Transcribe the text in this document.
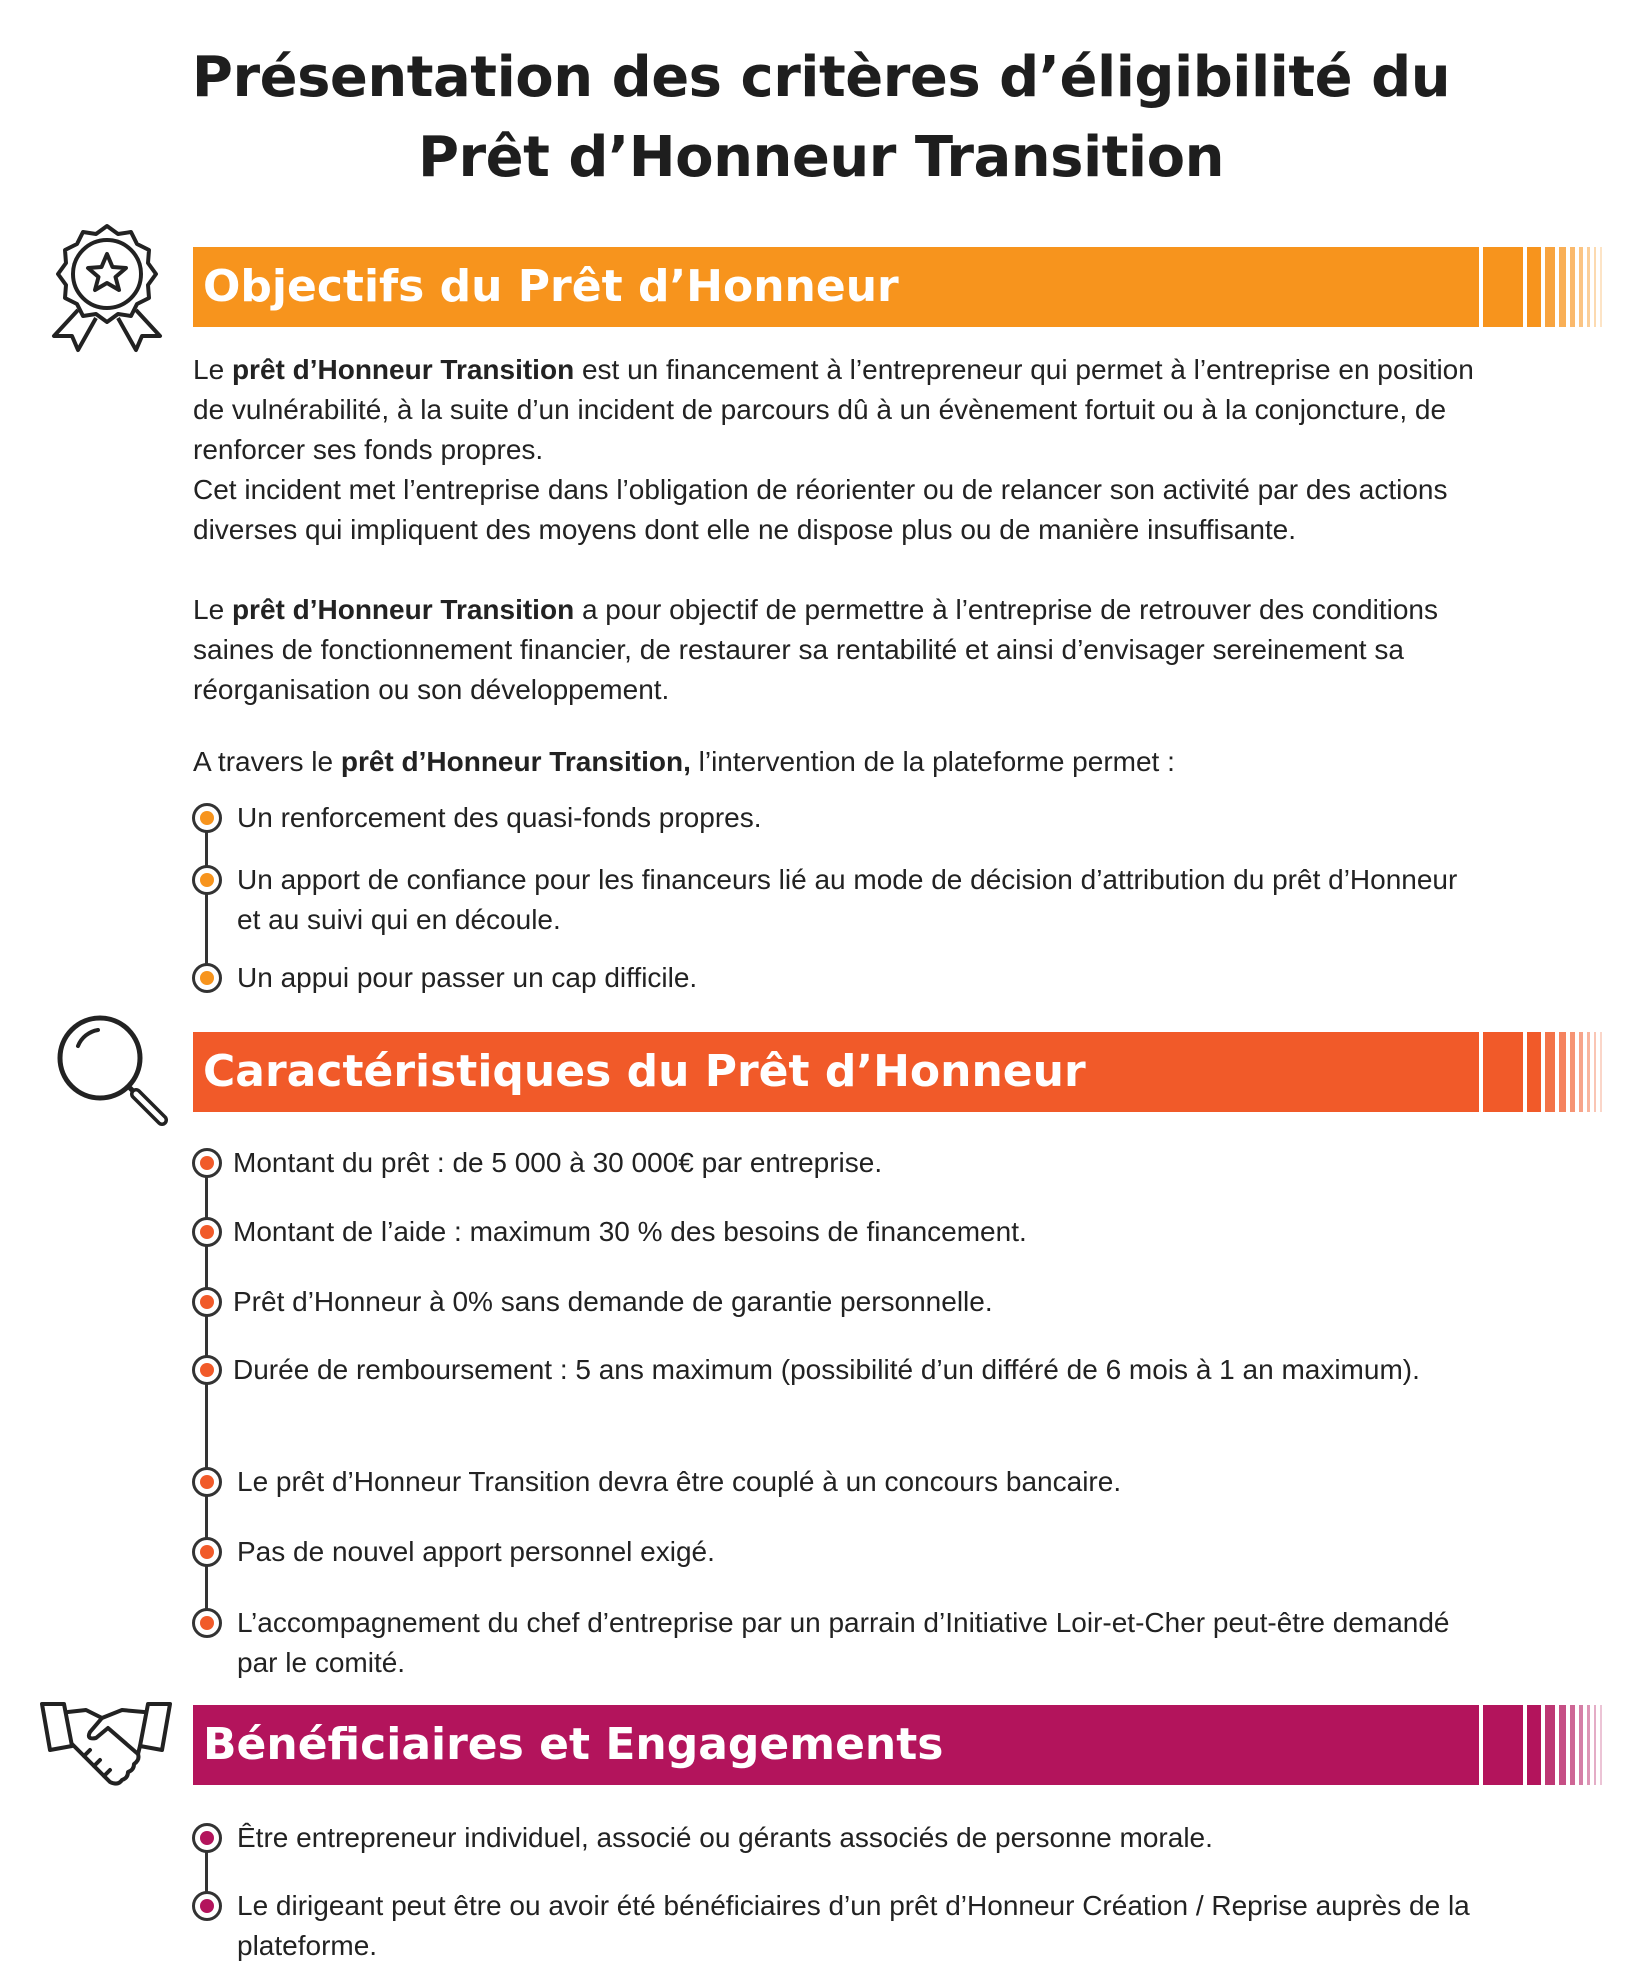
Présentation des critères d’éligibilité du
Prêt d’Honneur Transition
Objectifs du Prêt d’Honneur

Le prêt d’Honneur Transition est un financement à l’entrepreneur qui permet à l’entreprise en position de vulnérabilité, à la suite d’un incident de parcours dû à un évènement fortuit ou à la conjoncture, de renforcer ses fonds propres.

Cet incident met l’entreprise dans l’obligation de réorienter ou de relancer son activité par des actions diverses qui impliquent des moyens dont elle ne dispose plus ou de manière insuffisante.

Le prêt d’Honneur Transition a pour objectif de permettre à l’entreprise de retrouver des conditions saines de fonctionnement financier, de restaurer sa rentabilité et ainsi d’envisager sereinement sa réorganisation ou son développement.

A travers le prêt d’Honneur Transition, l’intervention de la plateforme permet :

Un renforcement des quasi-fonds propres.
Un apport de confiance pour les financeurs lié au mode de décision d’attribution du prêt d’Honneur et au suivi qui en découle.
Un appui pour passer un cap difficile.
Caractéristiques du Prêt d’Honneur
Montant du prêt : de 5 000 à 30 000€ par entreprise.
Montant de l’aide : maximum 30 % des besoins de financement.
Prêt d’Honneur à 0% sans demande de garantie personnelle.
Durée de remboursement : 5 ans maximum (possibilité d’un différé de 6 mois à 1 an maximum).
Le prêt d’Honneur Transition devra être couplé à un concours bancaire.
Pas de nouvel apport personnel exigé.
L’accompagnement du chef d’entreprise par un parrain d’Initiative Loir-et-Cher peut-être demandé par le comité.
Bénéficiaires et Engagements
Être entrepreneur individuel, associé ou gérants associés de personne morale.
Le dirigeant peut être ou avoir été bénéficiaires d’un prêt d’Honneur Création / Reprise auprès de la plateforme.
